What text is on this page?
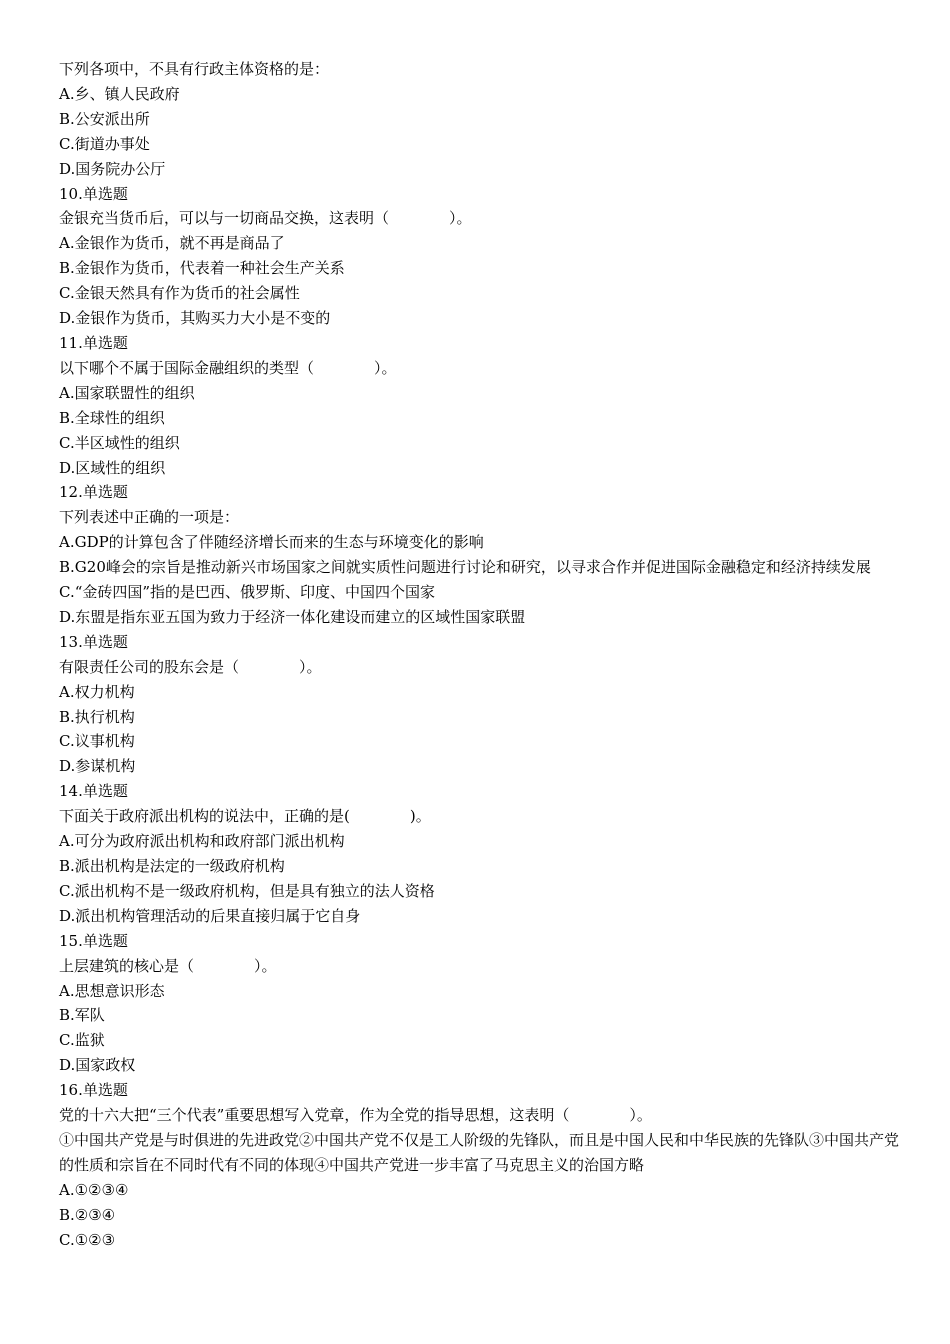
下列各项中，不具有行政主体资格的是：
A.乡、镇人民政府
B.公安派出所
C.街道办事处
D.国务院办公厅
10.单选题
金银充当货币后，可以与一切商品交换，这表明（　　　　）。
A.金银作为货币，就不再是商品了
B.金银作为货币，代表着一种社会生产关系
C.金银天然具有作为货币的社会属性
D.金银作为货币，其购买力大小是不变的
11.单选题
以下哪个不属于国际金融组织的类型（　　　　）。
A.国家联盟性的组织
B.全球性的组织
C.半区域性的组织
D.区域性的组织
12.单选题
下列表述中正确的一项是：
A.GDP的计算包含了伴随经济增长而来的生态与环境变化的影响
B.G20峰会的宗旨是推动新兴市场国家之间就实质性问题进行讨论和研究，以寻求合作并促进国际金融稳定和经济持续发展
C.“金砖四国”指的是巴西、俄罗斯、印度、中国四个国家
D.东盟是指东亚五国为致力于经济一体化建设而建立的区域性国家联盟
13.单选题
有限责任公司的股东会是（　　　　）。
A.权力机构
B.执行机构
C.议事机构
D.参谋机构
14.单选题
下面关于政府派出机构的说法中，正确的是(　　　　)。
A.可分为政府派出机构和政府部门派出机构
B.派出机构是法定的一级政府机构
C.派出机构不是一级政府机构，但是具有独立的法人资格
D.派出机构管理活动的后果直接归属于它自身
15.单选题
上层建筑的核心是（　　　　）。
A.思想意识形态
B.军队
C.监狱
D.国家政权
16.单选题
党的十六大把“三个代表”重要思想写入党章，作为全党的指导思想，这表明（　　　　）。
①中国共产党是与时俱进的先进政党②中国共产党不仅是工人阶级的先锋队，而且是中国人民和中华民族的先锋队③中国共产党的性质和宗旨在不同时代有不同的体现④中国共产党进一步丰富了马克思主义的治国方略
A.①②③④
B.②③④
C.①②③
